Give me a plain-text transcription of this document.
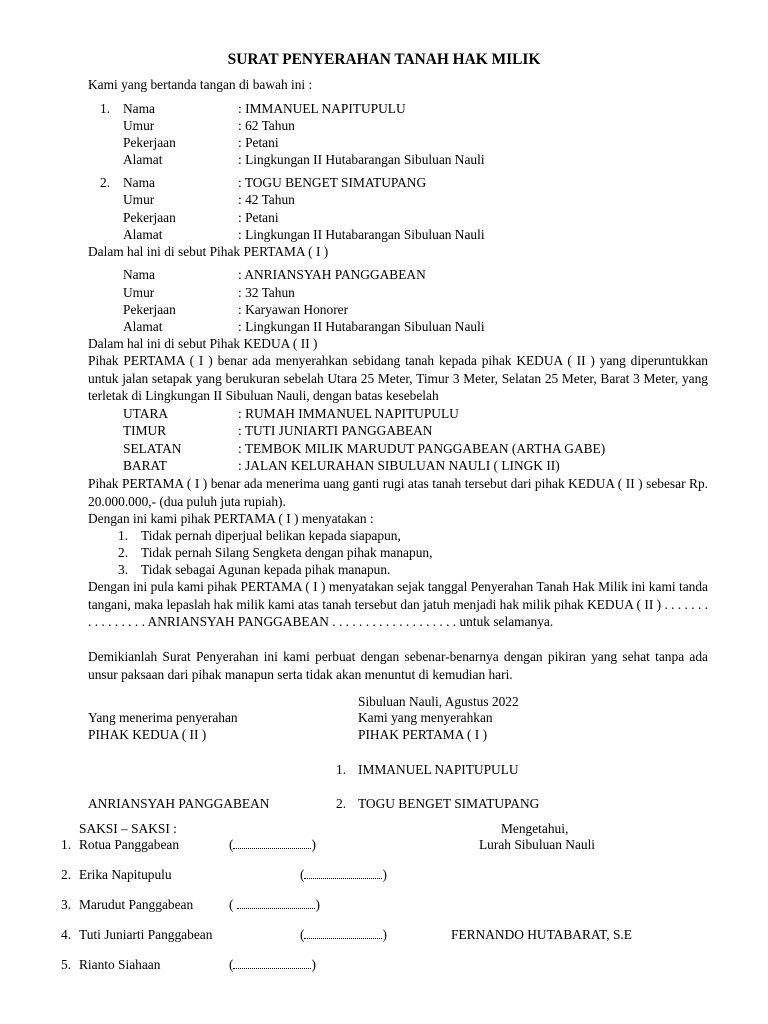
SURAT PENYERAHAN TANAH HAK MILIK
Kami yang bertanda tangan di bawah ini :
1. Nama	: IMMANUEL NAPITUPULU
Umur	: 62 Tahun
Pekerjaan	: Petani
Alamat	: Lingkungan II Hutabarangan Sibuluan Nauli
2. Nama	: TOGU BENGET SIMATUPANG
Umur	: 42 Tahun
Pekerjaan	: Petani
Alamat	: Lingkungan II Hutabarangan Sibuluan Nauli
Dalam hal ini di sebut Pihak PERTAMA ( I )
Nama	: ANRIANSYAH PANGGABEAN
Umur	: 32 Tahun
Pekerjaan	: Karyawan Honorer
Alamat	: Lingkungan II Hutabarangan Sibuluan Nauli
Dalam hal ini di sebut Pihak KEDUA ( II )
Pihak PERTAMA ( I ) benar ada menyerahkan sebidang tanah kepada pihak KEDUA ( II ) yang diperuntukkan untuk jalan setapak yang berukuran sebelah Utara 25 Meter, Timur 3 Meter, Selatan 25 Meter, Barat 3 Meter, yang terletak di Lingkungan II Sibuluan Nauli, dengan batas kesebelah
UTARA	: RUMAH IMMANUEL NAPITUPULU
TIMUR	: TUTI JUNIARTI PANGGABEAN
SELATAN	: TEMBOK MILIK MARUDUT PANGGABEAN (ARTHA GABE)
BARAT	: JALAN KELURAHAN SIBULUAN NAULI ( LINGK II)
Pihak PERTAMA ( I ) benar ada menerima uang ganti rugi atas tanah tersebut dari pihak KEDUA ( II ) sebesar Rp. 20.000.000,- (dua puluh juta rupiah).
Dengan ini kami pihak PERTAMA ( I ) menyatakan :
1. Tidak pernah diperjual belikan kepada siapapun,
2. Tidak pernah Silang Sengketa dengan pihak manapun,
3. Tidak sebagai Agunan kepada pihak manapun.
Dengan ini pula kami pihak PERTAMA ( I ) menyatakan sejak tanggal Penyerahan Tanah Hak Milik ini kami tanda tangani, maka lepaslah hak milik kami atas tanah tersebut dan jatuh menjadi hak milik pihak KEDUA ( II ) . . . . . . . . . . . . . . . . ANRIANSYAH PANGGABEAN . . . . . . . . . . . . . . . . . . . untuk selamanya.
Demikianlah Surat Penyerahan ini kami perbuat dengan sebenar-benarnya dengan pikiran yang sehat tanpa ada unsur paksaan dari pihak manapun serta tidak akan menuntut di kemudian hari.
Sibuluan Nauli, Agustus 2022
Yang menerima penyerahan	Kami yang menyerahkan
PIHAK KEDUA ( II )	PIHAK PERTAMA ( I )
1. IMMANUEL NAPITUPULU
ANRIANSYAH PANGGABEAN	2. TOGU BENGET SIMATUPANG
SAKSI – SAKSI :	Mengetahui,
1. Rotua Panggabean	(	)	Lurah Sibuluan Nauli
2. Erika Napitupulu	(	)
3. Marudut Panggabean	(	)
4. Tuti Juniarti Panggabean	(	)	FERNANDO HUTABARAT, S.E
5. Rianto Siahaan	(	)
